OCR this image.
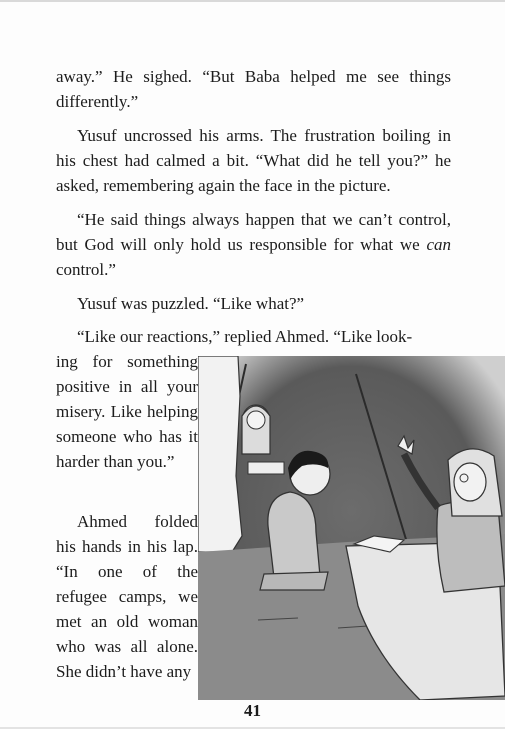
away.” He sighed. “But Baba helped me see things differently.”

Yusuf uncrossed his arms. The frustration boiling in his chest had calmed a bit. “What did he tell you?” he asked, remembering again the face in the picture.

“He said things always happen that we can’t control, but God will only hold us responsible for what we can control.”

Yusuf was puzzled. “Like what?”

“Like our reactions,” replied Ahmed. “Like look-

ing for something positive in all your misery. Like helping someone who has it harder than you.”

Ahmed folded his hands in his lap. “In one of the refugee camps, we met an old woman who was all alone. She didn’t have any

41
